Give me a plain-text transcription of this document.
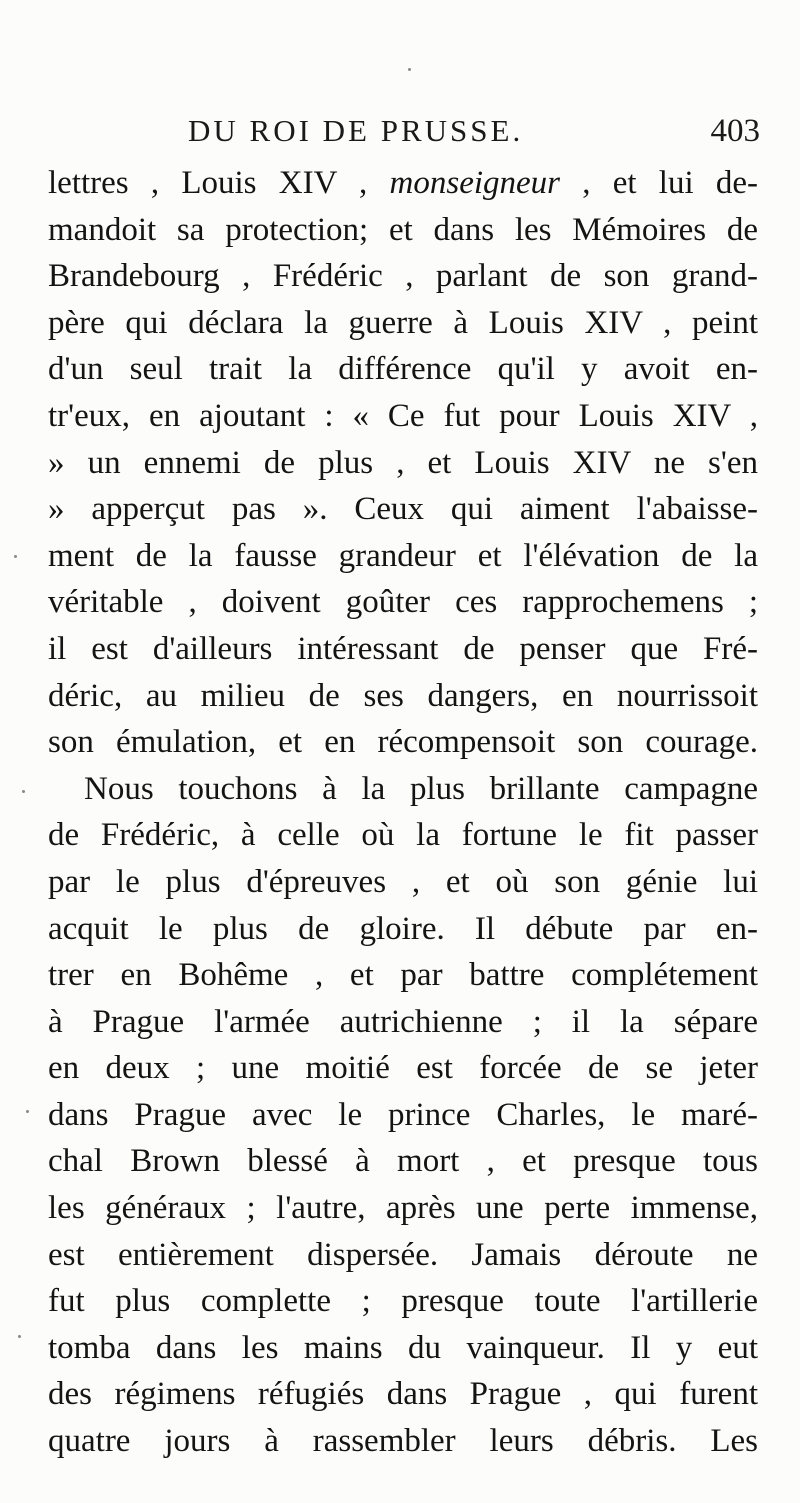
DU ROI DE PRUSSE.	403
lettres , Louis XIV , monseigneur , et lui de-
mandoit sa protection; et dans les Mémoires de
Brandebourg , Frédéric , parlant de son grand-
père qui déclara la guerre à Louis XIV , peint
d'un seul trait la différence qu'il y avoit en-
tr'eux, en ajoutant : « Ce fut pour Louis XIV ,
» un ennemi de plus , et Louis XIV ne s'en
» apperçut pas ». Ceux qui aiment l'abaisse-
ment de la fausse grandeur et l'élévation de la
véritable , doivent goûter ces rapprochemens ;
il est d'ailleurs intéressant de penser que Fré-
déric, au milieu de ses dangers, en nourrissoit
son émulation, et en récompensoit son courage.
Nous touchons à la plus brillante campagne
de Frédéric, à celle où la fortune le fit passer
par le plus d'épreuves , et où son génie lui
acquit le plus de gloire. Il débute par en-
trer en Bohême , et par battre complétement
à Prague l'armée autrichienne ; il la sépare
en deux ; une moitié est forcée de se jeter
dans Prague avec le prince Charles, le maré-
chal Brown blessé à mort , et presque tous
les généraux ; l'autre, après une perte immense,
est entièrement dispersée. Jamais déroute ne
fut plus complette ; presque toute l'artillerie
tomba dans les mains du vainqueur. Il y eut
des régimens réfugiés dans Prague , qui furent
quatre jours à rassembler leurs débris. Les
